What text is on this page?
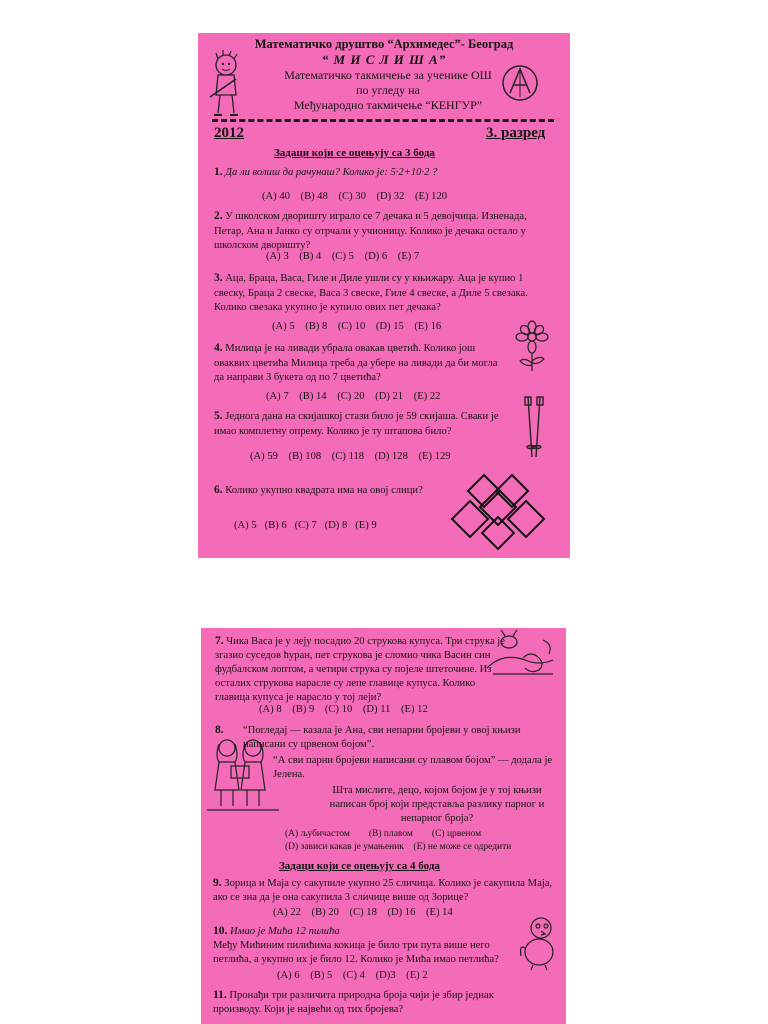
Математичко друштво “Архимедес”- Београд
“ М И С Л И Ш А”
Математичко такмичење за ученике ОШ
по угледу на
Међународно такмичење “КЕНГУР”
2012	3. разред
Задаци који се оцењују са 3 бода
1. Да ли волиш да рачунаш? Колико је: 5·2+10·2 ?
(A) 40    (B) 48    (C) 30    (D) 32    (E) 120
2. У школском дворишту играло се 7 дечака и 5 девојчица. Изненада, Петар, Ана и Јанко су отрчали у учионицу. Колико је дечака остало у школском дворишту?
(A) 3    (B) 4    (C) 5    (D) 6    (E) 7
3. Аца, Браца, Васа, Гиле и Диле ушли су у књижару. Аца је купио 1 свеску, Браца 2 свеске, Васа 3 свеске, Гиле 4 свеске, а Диле 5 свезака. Колико свезака укупно је купило ових пет дечака?
(A) 5    (B) 8    (C) 10    (D) 15    (E) 16
4. Милица је на ливади убрала овакав цветић. Колико још оваквих цветића Милица треба да убере на ливади да би могла да направи 3 букета од по 7 цветића?
(A) 7    (B) 14    (C) 20    (D) 21    (E) 22
5. Једнога дана на скијашкој стази било је 59 скијаша. Сваки је имао комплетну опрему. Колико је ту штапова било?
(A) 59    (B) 108    (C) 118    (D) 128    (E) 129
6. Колико укупно квадрата има на овој слици?
(A) 5   (B) 6   (C) 7   (D) 8   (E) 9
7. Чика Васа је у леју посадио 20 струкова купуса. Три струка је згазио суседов ћуран, пет струкова је сломио чика Васин син фудбалском лоптом, а четири струка су појеле штеточине. Из осталих струкова нарасле су лепе главице купуса. Колико главица купуса је нарасло у тој леји?
(A) 8    (B) 9    (C) 10    (D) 11    (E) 12
8. “Погледај — казала је Ана, сви непарни бројеви у овој књизи написани су црвеном бојом”.
“А сви парни бројеви написани су плавом бојом” — додала је Јелена.
Шта мислите, децо, којом бојом је у тој књизи написан број који представља разлику парног и непарног броја?
(A) љубичастом        (B) плавом        (C) црвеном
(D) зависи какав је умањеник    (E) не може се одредити
Задаци који се оцењују са 4 бода
9. Зорица и Маја су сакупиле укупно 25 сличица. Колико је сакупила Маја, ако се зна да је она сакупила 3 сличице више од Зорице?
(A) 22    (B) 20    (C) 18    (D) 16    (E) 14
10. Имао је Мића 12 пилића
Међу Мићиним пилићима кокица је било три пута више него петлића, а укупно их је било 12. Колико је Мића имао петлића?
(A) 6    (B) 5    (C) 4    (D)3    (E) 2
11. Пронађи три различита природна броја чији је збир једнак производу. Који је највећи од тих бројева?
